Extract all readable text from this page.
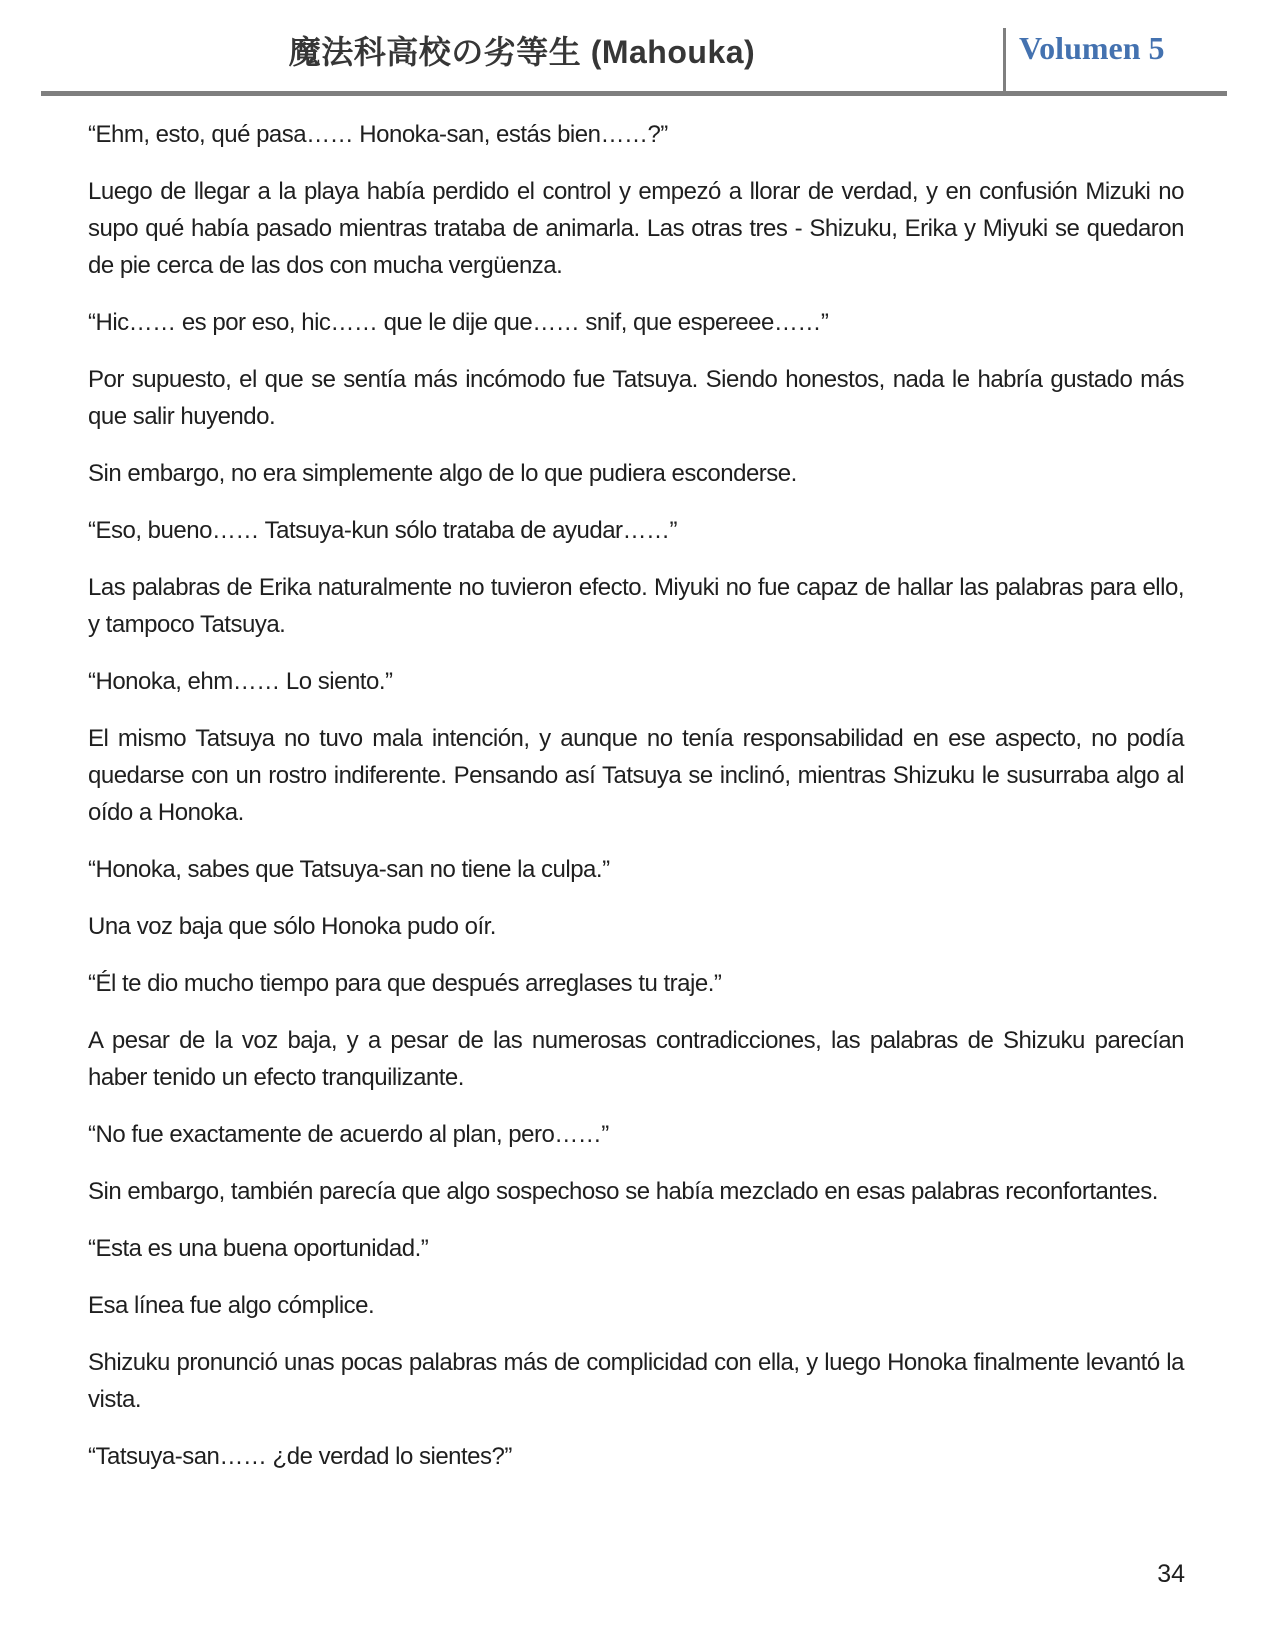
魔法科高校の劣等生 (Mahouka)	Volumen 5

“Ehm, esto, qué pasa…… Honoka-san, estás bien……?”

Luego de llegar a la playa había perdido el control y empezó a llorar de verdad, y en confusión Mizuki no supo qué había pasado mientras trataba de animarla. Las otras tres - Shizuku, Erika y Miyuki se quedaron de pie cerca de las dos con mucha vergüenza.

“Hic…… es por eso, hic…… que le dije que…… snif, que espereee……”

Por supuesto, el que se sentía más incómodo fue Tatsuya. Siendo honestos, nada le habría gustado más que salir huyendo.

Sin embargo, no era simplemente algo de lo que pudiera esconderse.

“Eso, bueno…… Tatsuya-kun sólo trataba de ayudar……”

Las palabras de Erika naturalmente no tuvieron efecto. Miyuki no fue capaz de hallar las palabras para ello, y tampoco Tatsuya.

“Honoka, ehm…… Lo siento.”

El mismo Tatsuya no tuvo mala intención, y aunque no tenía responsabilidad en ese aspecto, no podía quedarse con un rostro indiferente. Pensando así Tatsuya se inclinó, mientras Shizuku le susurraba algo al oído a Honoka.

“Honoka, sabes que Tatsuya-san no tiene la culpa.”

Una voz baja que sólo Honoka pudo oír.

“Él te dio mucho tiempo para que después arreglases tu traje.”

A pesar de la voz baja, y a pesar de las numerosas contradicciones, las palabras de Shizuku parecían haber tenido un efecto tranquilizante.

“No fue exactamente de acuerdo al plan, pero……”

Sin embargo, también parecía que algo sospechoso se había mezclado en esas palabras reconfortantes.

“Esta es una buena oportunidad.”

Esa línea fue algo cómplice.

Shizuku pronunció unas pocas palabras más de complicidad con ella, y luego Honoka finalmente levantó la vista.

“Tatsuya-san…… ¿de verdad lo sientes?”

34
